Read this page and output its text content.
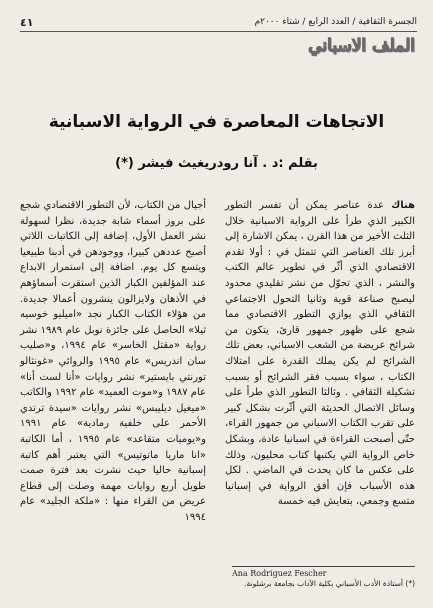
الجسرة الثقافية / العدد الرابع / شتاء ٢٠٠٠م
٤١
الملف الاسباني
الاتجاهات المعاصرة في الرواية الاسبانية
بقلم :د . آنا رودريغيث فيشر (*)

هناك عدة عناصر يمكن أن تفسر التطور الكبير الذي طرأ على الرواية الاسبانية خلال الثلث الأخير من هذا القرن ، يمكن الاشارة إلى أبرز تلك العناصر التي تتمثل في : أولا تقدم الاقتصادي الذي أثّر في تطوير عالم الكتب والنشر ، الذي تحوّل من نشر تقليدي محدود ليصبح صناعة قوية وثانيا التحول الاجتماعي الثقافي الذي يوازي التطور الاقتصادي مما شجع على ظهور جمهور قارئ، يتكون من شرائح عريضة من الشعب الاسباني، بعض تلك الشرائح لم يكن يملك القدرة على امتلاك الكتاب ، سواء بسبب فقر الشرائح أو بسبب تشكيلة الثقافي . وثالثا التطور الذي طرأ على وسائل الاتصال الحديثة التي أثّرت بشكل كبير على تقرب الكتاب الاسباني من جمهور القراء، حتّى أصبحت القراءة في اسبانيا عادة، وبشكل خاص الرواية التي يكتبها كتاب محليون، وذلك على عكس ما كان يحدث في الماضي . لكل هذه الأسباب فإن أفق الرواية في إسبانيا متسع وجمعي، بتعايش فيه خمسة

أجيال من الكتاب، لأن التطور الاقتصادي شجع على بروز أسماء شابة جديدة، نظرا لسهولة نشر العمل الأول، إضافة إلى الكاتبات اللاتي أصبح عددهن كبيرا، ووجودهن في أدبنا طبيعيا ويتسع كل يوم. اضافة إلى استمرار الابداع عند المؤلفين الكبار الذين استقرت أسماؤهم في الأذهان ولايزالون ينشرون أعمالا جديدة. من هؤلاء الكتاب الكبار نجد «اميليو خوسيه ثيلا» الحاصل على جائزة نوبل عام ١٩٨٩ نشر رواية «مقتل الخاسر» عام ١٩٩٤، و«صليب سان اندريس» عام ١٩٩٥ والروائي «غونثالو تورنتي بايستير» نشر روايات «أنا لست أنا» عام ١٩٨٧ و«موت العميد» عام ١٩٩٢ والكاتب «ميغيل ديليبس» نشر روايات «سيدة ترتدي الأحمر على خلفية رمادية» عام ١٩٩١ و«يوميات متقاعد» عام ١٩٩٥ ، أما الكاتبة «انا ماريا ماتوتيس» التي يعتبر أهم كاتبة إسبانية حاليا حيث نشرت بعد فترة صمت طويل أربع روايات مهمة وصلت إلى قطاع عريض من القراء منها : «ملكة الجليد» عام ١٩٩٤

Ana Rodriguez Fescher
(*) أستاذة الأدب الأسباني بكلية الآداب بجامعة برشلونة.
